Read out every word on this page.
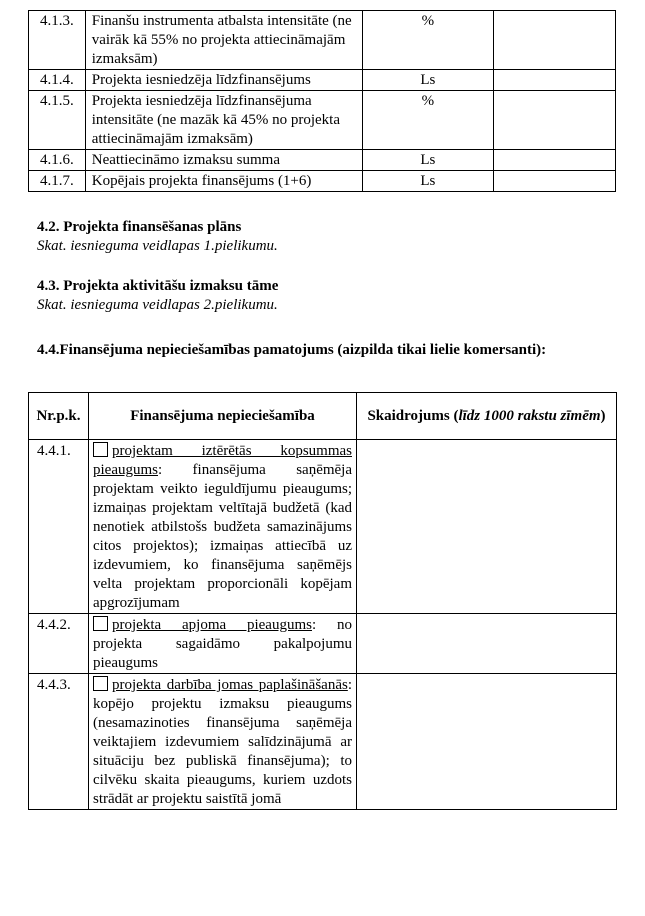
4.1.3.	Finanšu instrumenta atbalsta intensitāte (ne vairāk kā 55% no projekta attiecināmajām izmaksām)	%	
4.1.4.	Projekta iesniedzēja līdzfinansējums	Ls	
4.1.5.	Projekta iesniedzēja līdzfinansējuma intensitāte (ne mazāk kā 45% no projekta attiecināmajām izmaksām)	%	
4.1.6.	Neattiecināmo izmaksu summa	Ls	
4.1.7.	Kopējais projekta finansējums (1+6)	Ls	
4.2. Projekta finansēšanas plāns
Skat. iesnieguma veidlapas 1.pielikumu.
4.3. Projekta aktivitāšu izmaksu tāme
Skat. iesnieguma veidlapas 2.pielikumu.
4.4.Finansējuma nepieciešamības pamatojums (aizpilda tikai lielie komersanti):
Nr.p.k.	Finansējuma nepieciešamība	Skaidrojums (līdz 1000 rakstu zīmēm)
4.4.1.	projektam iztērētās kopsummas pieaugums: finansējuma saņēmēja projektam veikto ieguldījumu pieaugums; izmaiņas projektam veltītajā budžetā (kad nenotiek atbilstošs budžeta samazinājums citos projektos); izmaiņas attiecībā uz izdevumiem, ko finansējuma saņēmējs velta projektam proporcionāli kopējam apgrozījumam	
4.4.2.	projekta apjoma pieaugums: no projekta sagaidāmo pakalpojumu pieaugums	
4.4.3.	projekta darbība jomas paplašināšanās: kopējo projektu izmaksu pieaugums (nesamazinoties finansējuma saņēmēja veiktajiem izdevumiem salīdzinājumā ar situāciju bez publiskā finansējuma); to cilvēku skaita pieaugums, kuriem uzdots strādāt ar projektu saistītā jomā	
